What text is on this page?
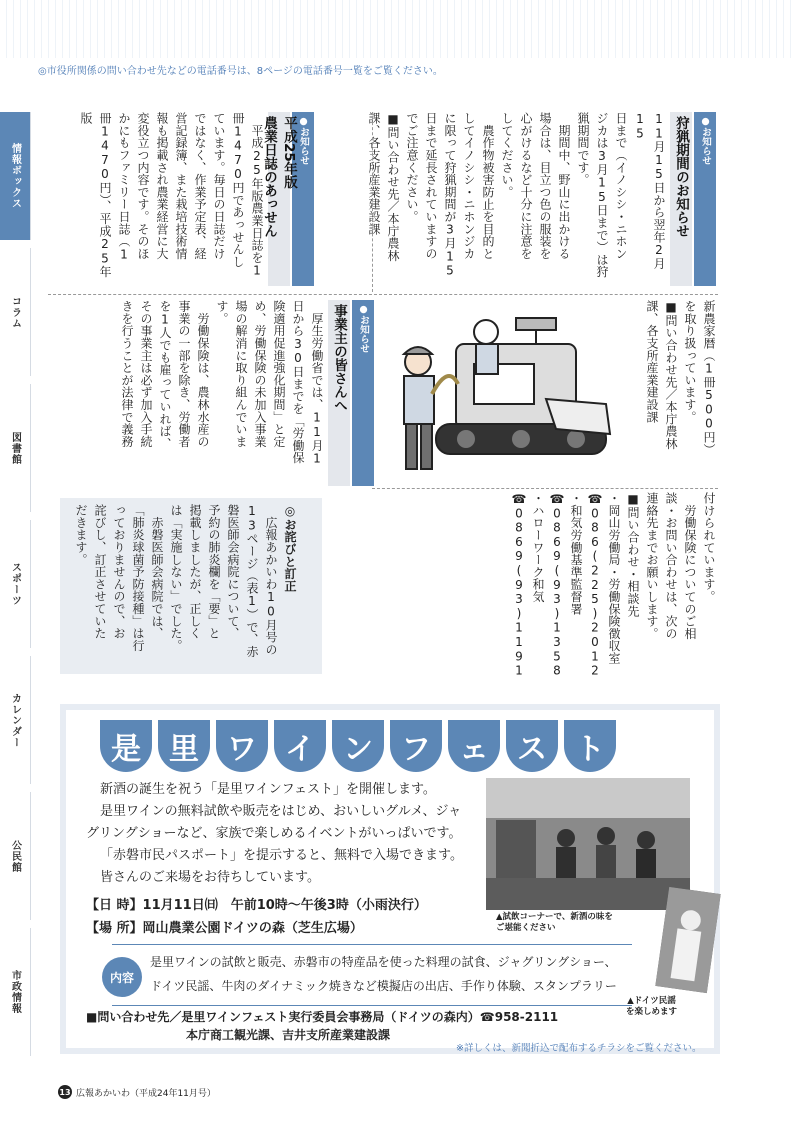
◎市役所関係の問い合わせ先などの電話番号は、8ページの電話番号一覧をご覧ください。
情報ボックス
コラム
図書館
スポーツ
カレンダー
公民館
市政情報
●お知らせ
狩猟期間のお知らせ
11月15日から翌年2月15
日まで（イノシシ・ニホン
ジカは3月15日まで）は狩
猟期間です。
　期間中、野山に出かける
場合は、目立つ色の服装を
心がけるなど十分に注意を
してください。
　農作物被害防止を目的と
してイノシシ・ニホンジカ
に限って狩猟期間が3月15
日まで延長されていますの
でご注意ください。
■問い合わせ先／本庁農林
課、各支所産業建設課
●お知らせ
平成25年版
農業日誌のあっせん
　平成25年版農業日誌を1
冊1470円であっせんし
ています。毎日の日誌だけ
ではなく、作業予定表、経
営記録簿、また栽培技術情
報も掲載され農業経営に大
変役立つ内容です。そのほ
かにもファミリー日誌（1
冊1470円）、平成25年版
新農家暦（1冊500円）
を取り扱っています。
■問い合わせ先／本庁農林
課、各支所産業建設課
●お知らせ
事業主の皆さんへ
　厚生労働省では、11月1
日から30日までを「労働保
険適用促進強化期間」と定
め、労働保険の未加入事業
場の解消に取り組んでいま
す。
　労働保険は、農林水産の
事業の一部を除き、労働者
を1人でも雇っていれば、
その事業主は必ず加入手続
きを行うことが法律で義務
付けられています。
　労働保険についてのご相
談・お問い合わせは、次の
連絡先までお願いします。
■問い合わせ・相談先
・岡山労働局・労働保険徴収室
☎086(225)2012
・和気労働基準監督署
☎0869(93)1358
・ハローワーク和気
☎0869(93)1191

◎お詫びと訂正
　広報あかいわ10月号の
13ページ（表1）で、赤
磐医師会病院について、
予約の肺炎欄を「要」と
掲載しましたが、正しく
は「実施しない」でした。
　赤磐医師会病院では、
「肺炎球菌予防接種」は行
っておりませんので、お
詫びし、訂正させていた
だきます。

是 里 ワ イ ン フ ェ ス ト
新酒の誕生を祝う「是里ワインフェスト」を開催します。
是里ワインの無料試飲や販売をはじめ、おいしいグルメ、ジャ
グリングショーなど、家族で楽しめるイベントがいっぱいです。
「赤磐市民パスポート」を提示すると、無料で入場できます。
皆さんのご来場をお待ちしています。
【日 時】11月11日㈰　午前10時〜午後3時（小雨決行）
【場 所】岡山農業公園ドイツの森（芝生広場）
▲試飲コーナーで、新酒の味を
ご堪能ください
▲ドイツ民謡
を楽しめます
内容
是里ワインの試飲と販売、赤磐市の特産品を使った料理の試食、ジャグリングショー、
ドイツ民謡、牛肉のダイナミック焼きなど模擬店の出店、手作り体験、スタンプラリー
■問い合わせ先／是里ワインフェスト実行委員会事務局（ドイツの森内）☎958-2111
本庁商工観光課、吉井支所産業建設課
※詳しくは、新聞折込で配布するチラシをご覧ください。
13 広報あかいわ（平成24年11月号）
